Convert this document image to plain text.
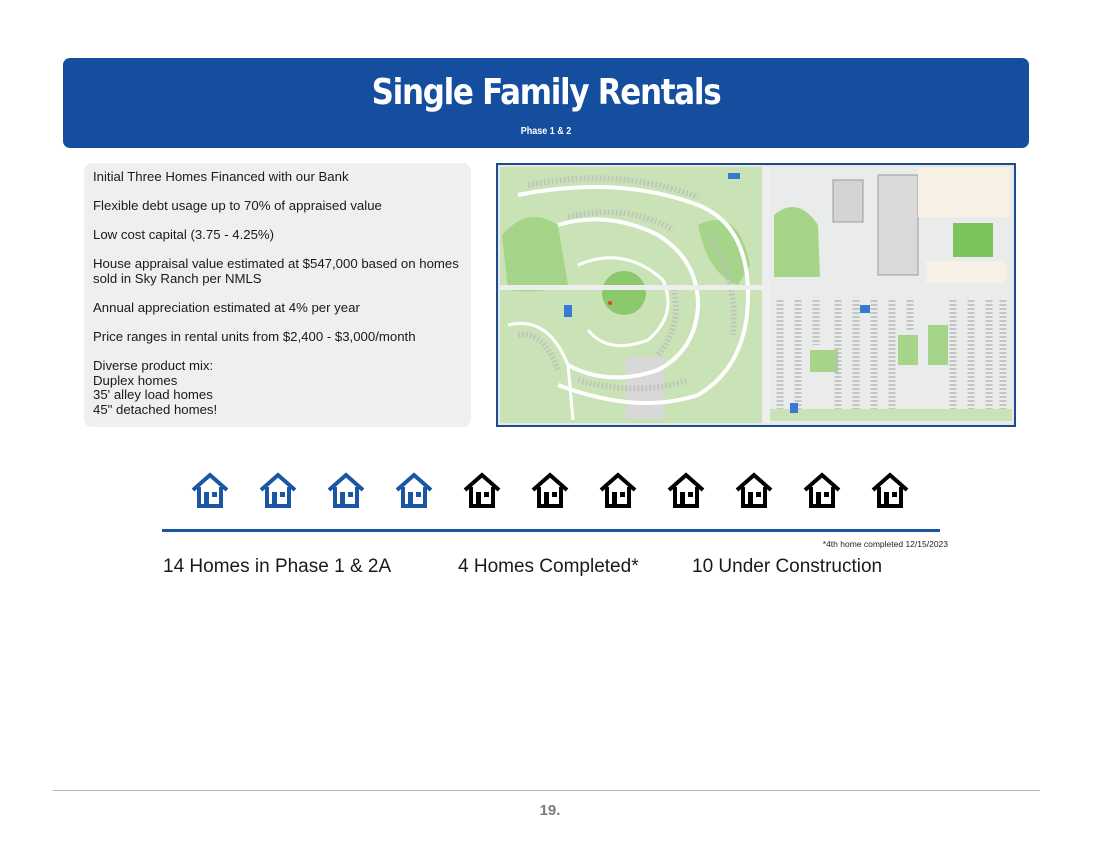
Single Family Rentals
Phase 1 & 2

Initial Three Homes Financed with our Bank

Flexible debt usage up to 70% of appraised value

Low cost capital (3.75 - 4.25%)

House appraisal value estimated at $547,000 based on homes sold in Sky Ranch per NMLS

Annual appreciation estimated at 4% per year

Price ranges in rental units from $2,400 - $3,000/month

Diverse product mix:
Duplex homes
35' alley load homes
45" detached homes!
*4th home completed 12/15/2023
14 Homes in Phase 1 & 2A	4 Homes Completed*	10 Under Construction
19.
